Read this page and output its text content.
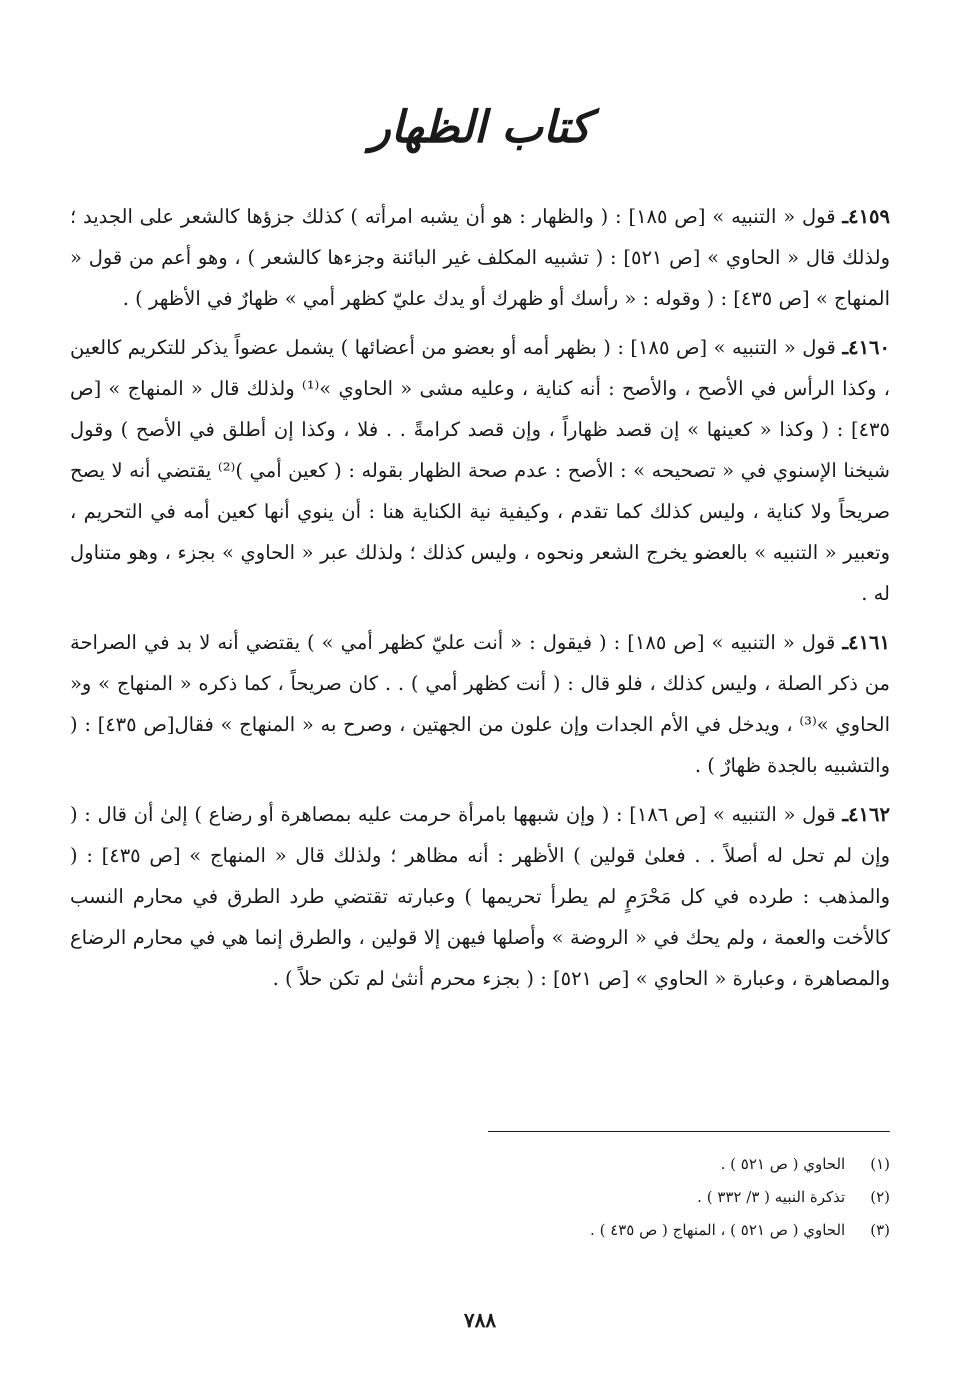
كتاب الظهار

٤١٥٩ـ قول « التنبيه » [ص ١٨٥] : ( والظهار : هو أن يشبه امرأته ) كذلك جزؤها كالشعر على الجديد ؛ ولذلك قال « الحاوي » [ص ٥٢١] : ( تشبيه المكلف غير البائنة وجزءها كالشعر ) ، وهو أعم من قول « المنهاج » [ص ٤٣٥] : ( وقوله : « رأسك أو ظهرك أو يدك عليّ كظهر أمي » ظهارٌ في الأظهر ) .

٤١٦٠ـ قول « التنبيه » [ص ١٨٥] : ( بظهر أمه أو بعضو من أعضائها ) يشمل عضواً يذكر للتكريم كالعين ، وكذا الرأس في الأصح ، والأصح : أنه كناية ، وعليه مشى « الحاوي »⁽¹⁾ ولذلك قال « المنهاج » [ص ٤٣٥] : ( وكذا « كعينها » إن قصد ظهاراً ، وإن قصد كرامةً . . فلا ، وكذا إن أطلق في الأصح ) وقول شيخنا الإسنوي في « تصحيحه » : الأصح : عدم صحة الظهار بقوله : ( كعين أمي )⁽²⁾ يقتضي أنه لا يصح صريحاً ولا كناية ، وليس كذلك كما تقدم ، وكيفية نية الكناية هنا : أن ينوي أنها كعين أمه في التحريم ، وتعبير « التنبيه » بالعضو يخرج الشعر ونحوه ، وليس كذلك ؛ ولذلك عبر « الحاوي » بجزء ، وهو متناول له .

٤١٦١ـ قول « التنبيه » [ص ١٨٥] : ( فيقول : « أنت عليّ كظهر أمي » ) يقتضي أنه لا بد في الصراحة من ذكر الصلة ، وليس كذلك ، فلو قال : ( أنت كظهر أمي ) . . كان صريحاً ، كما ذكره « المنهاج » و« الحاوي »⁽³⁾ ، ويدخل في الأم الجدات وإن علون من الجهتين ، وصرح به « المنهاج » فقال[ص ٤٣٥] : ( والتشبيه بالجدة ظهارٌ ) .

٤١٦٢ـ قول « التنبيه » [ص ١٨٦] : ( وإن شبهها بامرأة حرمت عليه بمصاهرة أو رضاع ) إلىٰ أن قال : ( وإن لم تحل له أصلاً . . فعلىٰ قولين ) الأظهر : أنه مظاهر ؛ ولذلك قال « المنهاج » [ص ٤٣٥] : ( والمذهب : طرده في كل مَحْرَمٍ لم يطرأ تحريمها ) وعبارته تقتضي طرد الطرق في محارم النسب كالأخت والعمة ، ولم يحك في « الروضة » وأصلها فيهن إلا قولين ، والطرق إنما هي في محارم الرضاع والمصاهرة ، وعبارة « الحاوي » [ص ٥٢١] : ( بجزء محرم أنثىٰ لم تكن حلاً ) .

(١) الحاوي ( ص ٥٢١ ) .
(٢) تذكرة النبيه ( ٣/ ٣٣٢ ) .
(٣) الحاوي ( ص ٥٢١ ) ، المنهاج ( ص ٤٣٥ ) .
٧٨٨
